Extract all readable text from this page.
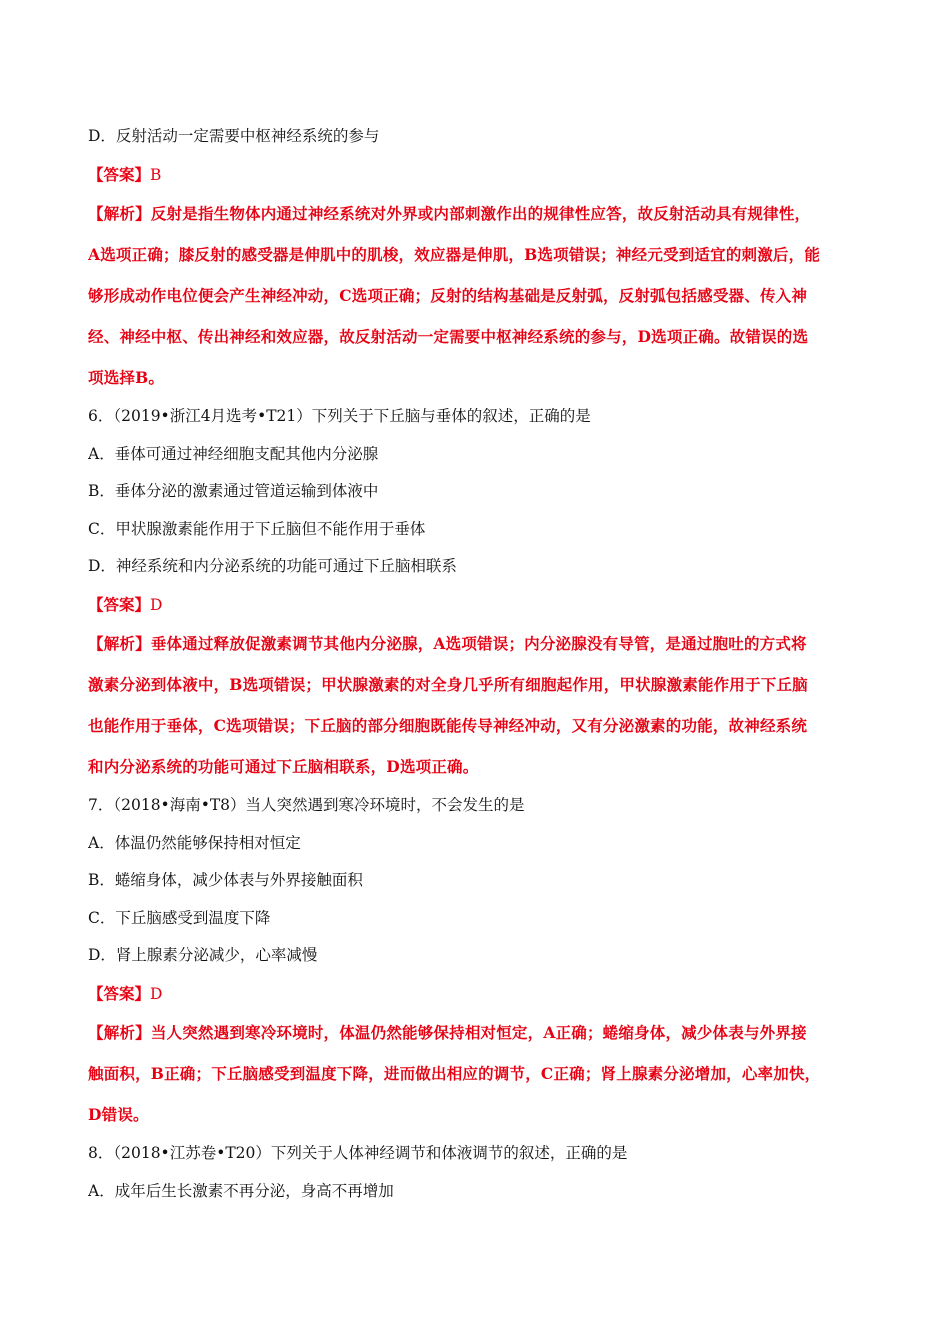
D．反射活动一定需要中枢神经系统的参与
【答案】B
【解析】反射是指生物体内通过神经系统对外界或内部刺激作出的规律性应答，故反射活动具有规律性，
A选项正确；膝反射的感受器是伸肌中的肌梭，效应器是伸肌，B选项错误；神经元受到适宜的刺激后，能
够形成动作电位便会产生神经冲动，C选项正确；反射的结构基础是反射弧，反射弧包括感受器、传入神
经、神经中枢、传出神经和效应器，故反射活动一定需要中枢神经系统的参与，D选项正确。故错误的选
项选择B。
6．（2019•浙江4月选考•T21）下列关于下丘脑与垂体的叙述，正确的是
A．垂体可通过神经细胞支配其他内分泌腺
B．垂体分泌的激素通过管道运输到体液中
C．甲状腺激素能作用于下丘脑但不能作用于垂体
D．神经系统和内分泌系统的功能可通过下丘脑相联系
【答案】D
【解析】垂体通过释放促激素调节其他内分泌腺，A选项错误；内分泌腺没有导管，是通过胞吐的方式将
激素分泌到体液中，B选项错误；甲状腺激素的对全身几乎所有细胞起作用，甲状腺激素能作用于下丘脑
也能作用于垂体，C选项错误；下丘脑的部分细胞既能传导神经冲动，又有分泌激素的功能，故神经系统
和内分泌系统的功能可通过下丘脑相联系，D选项正确。
7．（2018•海南•T8）当人突然遇到寒冷环境时，不会发生的是
A．体温仍然能够保持相对恒定
B．蜷缩身体，减少体表与外界接触面积
C．下丘脑感受到温度下降
D．肾上腺素分泌减少，心率减慢
【答案】D
【解析】当人突然遇到寒冷环境时，体温仍然能够保持相对恒定，A正确；蜷缩身体，减少体表与外界接
触面积，B正确；下丘脑感受到温度下降，进而做出相应的调节，C正确；肾上腺素分泌增加，心率加快，
D错误。
8．（2018•江苏卷•T20）下列关于人体神经调节和体液调节的叙述，正确的是
A．成年后生长激素不再分泌，身高不再增加
